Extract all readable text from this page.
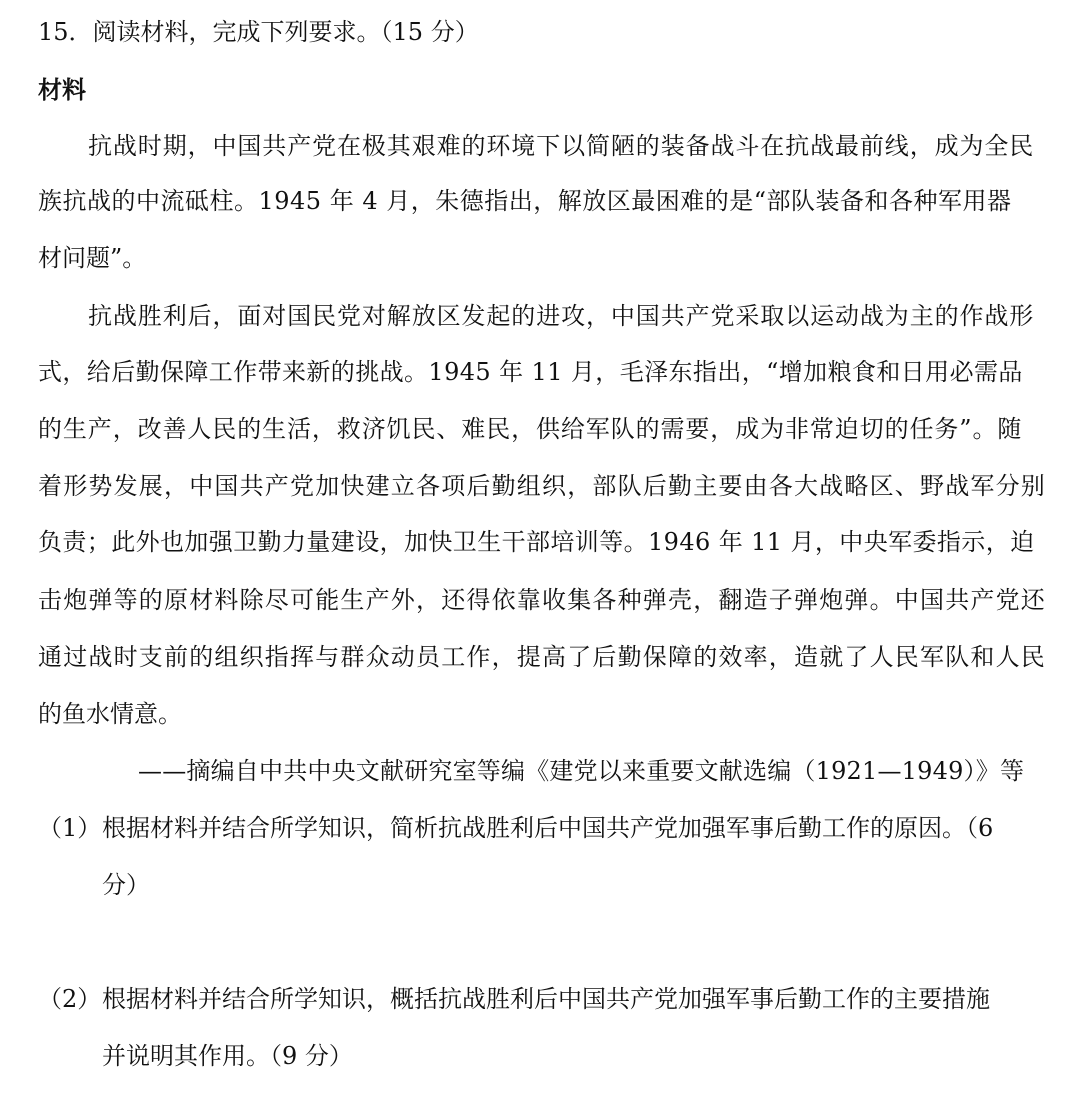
15．阅读材料，完成下列要求。（15 分）
材料
抗战时期，中国共产党在极其艰难的环境下以简陋的装备战斗在抗战最前线，成为全民
族抗战的中流砥柱。1945 年 4 月，朱德指出，解放区最困难的是“部队装备和各种军用器
材问题”。
抗战胜利后，面对国民党对解放区发起的进攻，中国共产党采取以运动战为主的作战形
式，给后勤保障工作带来新的挑战。1945 年 11 月，毛泽东指出，“增加粮食和日用必需品
的生产，改善人民的生活，救济饥民、难民，供给军队的需要，成为非常迫切的任务”。随
着形势发展，中国共产党加快建立各项后勤组织，部队后勤主要由各大战略区、野战军分别
负责；此外也加强卫勤力量建设，加快卫生干部培训等。1946 年 11 月，中央军委指示，迫
击炮弹等的原材料除尽可能生产外，还得依靠收集各种弹壳，翻造子弹炮弹。中国共产党还
通过战时支前的组织指挥与群众动员工作，提高了后勤保障的效率，造就了人民军队和人民
的鱼水情意。
——摘编自中共中央文献研究室等编《建党以来重要文献选编（1921—1949）》等
（1） 根据材料并结合所学知识，简析抗战胜利后中国共产党加强军事后勤工作的原因。（6
分）
（2） 根据材料并结合所学知识，概括抗战胜利后中国共产党加强军事后勤工作的主要措施
并说明其作用。（9 分）
